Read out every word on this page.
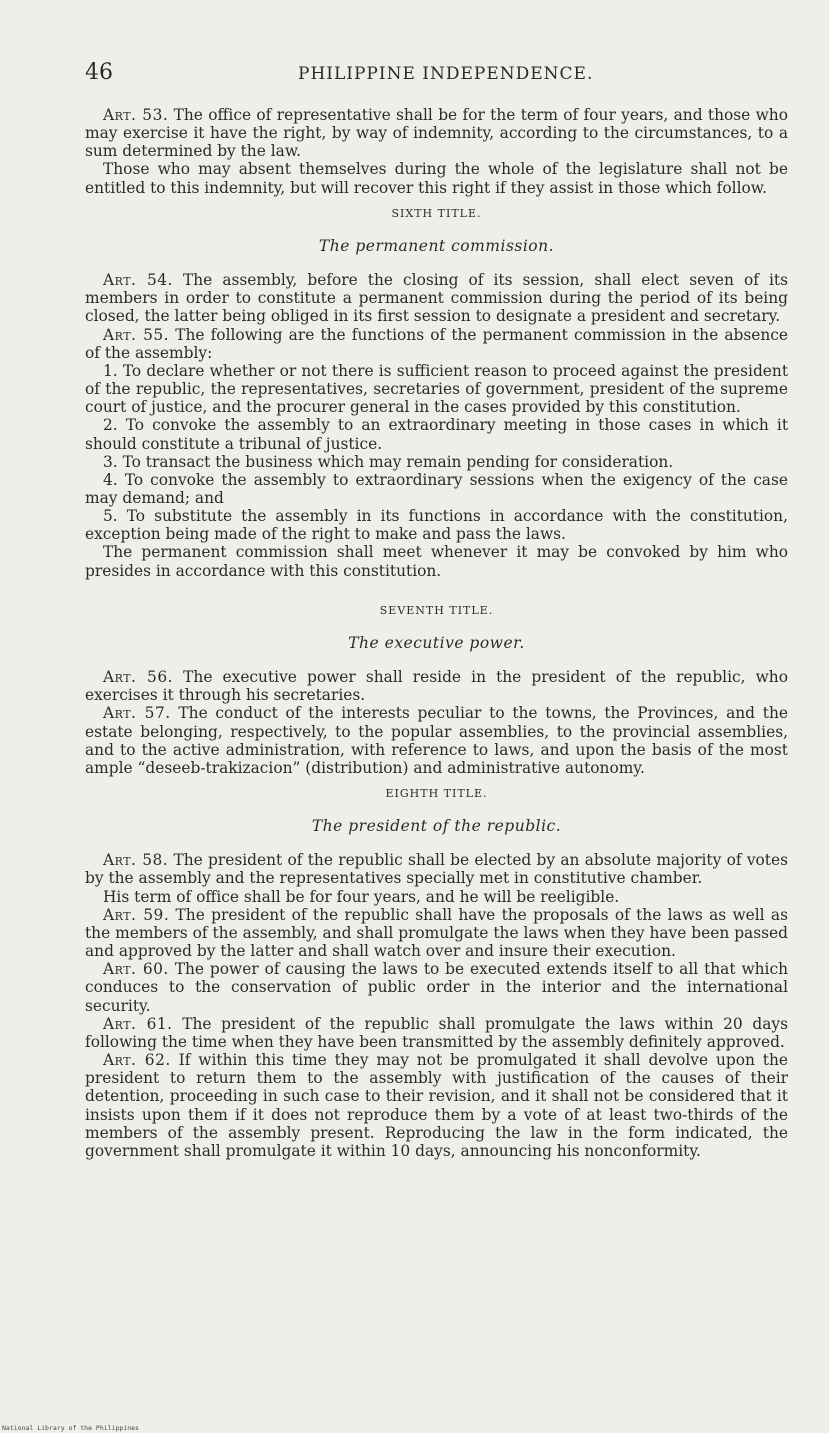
46	PHILIPPINE INDEPENDENCE.

Art. 53. The office of representative shall be for the term of four years, and those who may exercise it have the right, by way of indemnity, according to the circumstances, to a sum determined by the law.

Those who may absent themselves during the whole of the legislature shall not be entitled to this indemnity, but will recover this right if they assist in those which follow.

SIXTH TITLE.
The permanent commission.

Art. 54. The assembly, before the closing of its session, shall elect seven of its members in order to constitute a permanent commission during the period of its being closed, the latter being obliged in its first session to designate a president and secretary.

Art. 55. The following are the functions of the permanent commission in the absence of the assembly:

1. To declare whether or not there is sufficient reason to proceed against the president of the republic, the representatives, secretaries of government, president of the supreme court of justice, and the procurer general in the cases provided by this constitution.

2. To convoke the assembly to an extraordinary meeting in those cases in which it should constitute a tribunal of justice.

3. To transact the business which may remain pending for consideration.

4. To convoke the assembly to extraordinary sessions when the exigency of the case may demand; and

5. To substitute the assembly in its functions in accordance with the constitution, exception being made of the right to make and pass the laws.

The permanent commission shall meet whenever it may be convoked by him who presides in accordance with this constitution.

SEVENTH TITLE.
The executive power.

Art. 56. The executive power shall reside in the president of the republic, who exercises it through his secretaries.

Art. 57. The conduct of the interests peculiar to the towns, the Provinces, and the estate belonging, respectively, to the popular assemblies, to the provincial assemblies, and to the active administration, with reference to laws, and upon the basis of the most ample “deseeb-trakizacion” (distribution) and administrative autonomy.

EIGHTH TITLE.
The president of the republic.

Art. 58. The president of the republic shall be elected by an absolute majority of votes by the assembly and the representatives specially met in constitutive chamber.

His term of office shall be for four years, and he will be reeligible.

Art. 59. The president of the republic shall have the proposals of the laws as well as the members of the assembly, and shall promulgate the laws when they have been passed and approved by the latter and shall watch over and insure their execution.

Art. 60. The power of causing the laws to be executed extends itself to all that which conduces to the conservation of public order in the interior and the international security.

Art. 61. The president of the republic shall promulgate the laws within 20 days following the time when they have been transmitted by the assembly definitely approved.

Art. 62. If within this time they may not be promulgated it shall devolve upon the president to return them to the assembly with justification of the causes of their detention, proceeding in such case to their revision, and it shall not be considered that it insists upon them if it does not reproduce them by a vote of at least two-thirds of the members of the assembly present. Reproducing the law in the form indicated, the government shall promulgate it within 10 days, announcing his nonconformity.

National Library of the Philippines
